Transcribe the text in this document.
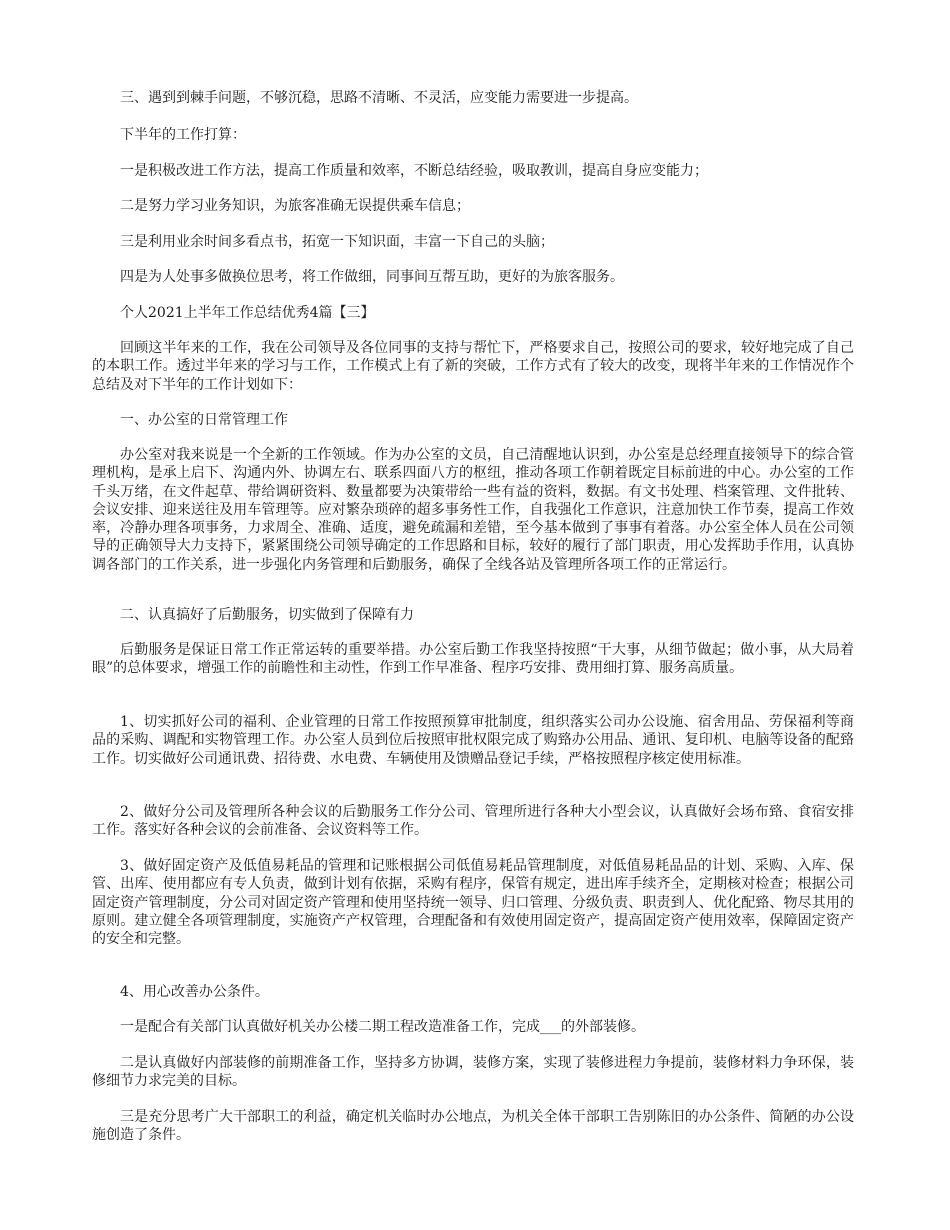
三、遇到到棘手问题，不够沉稳，思路不清晰、不灵活，应变能力需要进一步提高。

下半年的工作打算：

一是积极改进工作方法，提高工作质量和效率，不断总结经验，吸取教训，提高自身应变能力；

二是努力学习业务知识，为旅客准确无误提供乘车信息；

三是利用业余时间多看点书，拓宽一下知识面，丰富一下自己的头脑；

四是为人处事多做换位思考，将工作做细，同事间互帮互助，更好的为旅客服务。

个人2021上半年工作总结优秀4篇【三】

回顾这半年来的工作，我在公司领导及各位同事的支持与帮忙下，严格要求自己，按照公司的要求，较好地完成了自己的本职工作。透过半年来的学习与工作，工作模式上有了新的突破，工作方式有了较大的改变，现将半年来的工作情况作个总结及对下半年的工作计划如下：

一、办公室的日常管理工作

办公室对我来说是一个全新的工作领域。作为办公室的文员，自己清醒地认识到，办公室是总经理直接领导下的综合管理机构，是承上启下、沟通内外、协调左右、联系四面八方的枢纽，推动各项工作朝着既定目标前进的中心。办公室的工作千头万绪，在文件起草、带给调研资料、数量都要为决策带给一些有益的资料，数据。有文书处理、档案管理、文件批转、会议安排、迎来送往及用车管理等。应对繁杂琐碎的超多事务性工作，自我强化工作意识，注意加快工作节奏，提高工作效率，冷静办理各项事务，力求周全、准确、适度，避免疏漏和差错，至今基本做到了事事有着落。办公室全体人员在公司领导的正确领导大力支持下，紧紧围绕公司领导确定的工作思路和目标，较好的履行了部门职责，用心发挥助手作用，认真协调各部门的工作关系，进一步强化内务管理和后勤服务，确保了全线各站及管理所各项工作的正常运行。

二、认真搞好了后勤服务，切实做到了保障有力

后勤服务是保证日常工作正常运转的重要举措。办公室后勤工作我坚持按照“干大事，从细节做起；做小事，从大局着眼”的总体要求，增强工作的前瞻性和主动性，作到工作早准备、程序巧安排、费用细打算、服务高质量。

1、切实抓好公司的福利、企业管理的日常工作按照预算审批制度，组织落实公司办公设施、宿舍用品、劳保福利等商品的采购、调配和实物管理工作。办公室人员到位后按照审批权限完成了购臵办公用品、通讯、复印机、电脑等设备的配臵工作。切实做好公司通讯费、招待费、水电费、车辆使用及馈赠品登记手续，严格按照程序核定使用标准。

2、做好分公司及管理所各种会议的后勤服务工作分公司、管理所进行各种大小型会议，认真做好会场布臵、食宿安排工作。落实好各种会议的会前准备、会议资料等工作。

3、做好固定资产及低值易耗品的管理和记账根据公司低值易耗品管理制度，对低值易耗品品的计划、采购、入库、保管、出库、使用都应有专人负责，做到计划有依据，采购有程序，保管有规定，进出库手续齐全，定期核对检查；根据公司固定资产管理制度，分公司对固定资产管理和使用坚持统一领导、归口管理、分级负责、职责到人、优化配臵、物尽其用的原则。建立健全各项管理制度，实施资产产权管理，合理配备和有效使用固定资产，提高固定资产使用效率，保障固定资产的安全和完整。

4、用心改善办公条件。

一是配合有关部门认真做好机关办公楼二期工程改造准备工作，完成___的外部装修。

二是认真做好内部装修的前期准备工作，坚持多方协调，装修方案，实现了装修进程力争提前，装修材料力争环保，装修细节力求完美的目标。

三是充分思考广大干部职工的利益，确定机关临时办公地点，为机关全体干部职工告别陈旧的办公条件、简陋的办公设施创造了条件。
